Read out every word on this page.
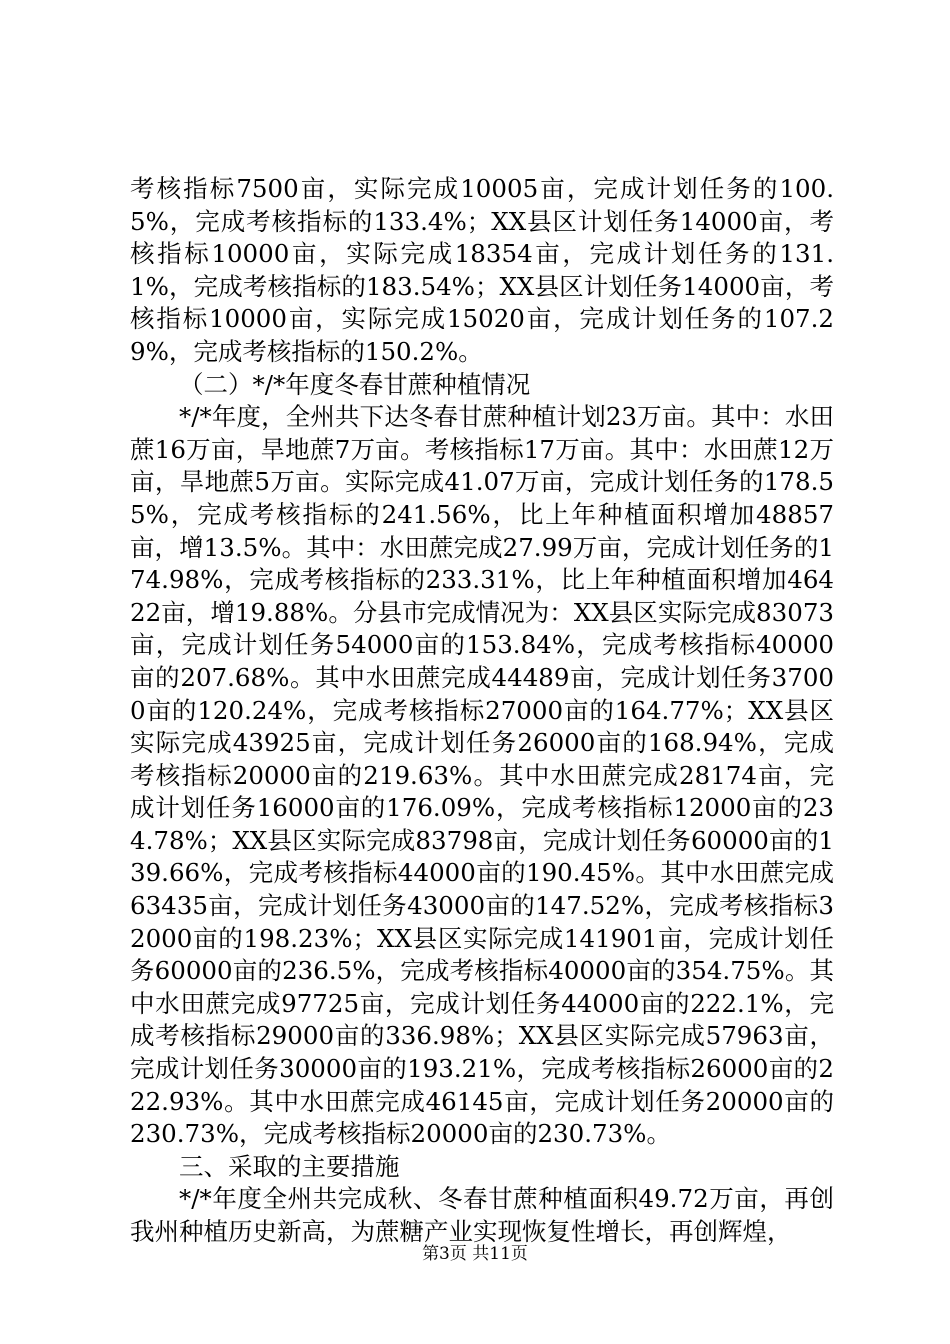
考核指标7500亩，实际完成10005亩，完成计划任务的100.5%，完成考核指标的133.4%；XX县区计划任务14000亩，考核指标10000亩，实际完成18354亩，完成计划任务的131.1%，完成考核指标的183.54%；XX县区计划任务14000亩，考核指标10000亩，实际完成15020亩，完成计划任务的107.29%，完成考核指标的150.2%。

（二）*/*年度冬春甘蔗种植情况

*/*年度，全州共下达冬春甘蔗种植计划23万亩。其中：水田蔗16万亩，旱地蔗7万亩。考核指标17万亩。其中：水田蔗12万亩，旱地蔗5万亩。实际完成41.07万亩，完成计划任务的178.55%，完成考核指标的241.56%，比上年种植面积增加48857亩，增13.5%。其中：水田蔗完成27.99万亩，完成计划任务的174.98%，完成考核指标的233.31%，比上年种植面积增加46422亩，增19.88%。分县市完成情况为：XX县区实际完成83073亩，完成计划任务54000亩的153.84%，完成考核指标40000亩的207.68%。其中水田蔗完成44489亩，完成计划任务37000亩的120.24%，完成考核指标27000亩的164.77%；XX县区实际完成43925亩，完成计划任务26000亩的168.94%，完成考核指标20000亩的219.63%。其中水田蔗完成28174亩，完成计划任务16000亩的176.09%，完成考核指标12000亩的234.78%；XX县区实际完成83798亩，完成计划任务60000亩的139.66%，完成考核指标44000亩的190.45%。其中水田蔗完成63435亩，完成计划任务43000亩的147.52%，完成考核指标32000亩的198.23%；XX县区实际完成141901亩，完成计划任务60000亩的236.5%，完成考核指标40000亩的354.75%。其中水田蔗完成97725亩，完成计划任务44000亩的222.1%，完成考核指标29000亩的336.98%；XX县区实际完成57963亩，完成计划任务30000亩的193.21%，完成考核指标26000亩的222.93%。其中水田蔗完成46145亩，完成计划任务20000亩的230.73%，完成考核指标20000亩的230.73%。

三、采取的主要措施

*/*年度全州共完成秋、冬春甘蔗种植面积49.72万亩，再创我州种植历史新高，为蔗糖产业实现恢复性增长，再创辉煌，

第3页 共11页
